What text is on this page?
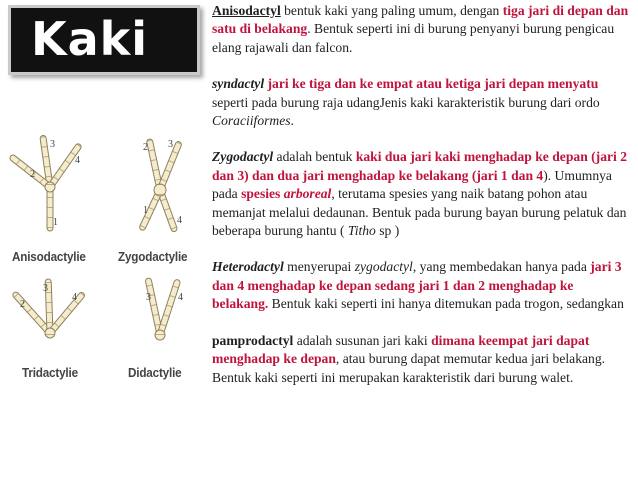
Kaki
2
3
4
1
2 3
1
4
2
3
4	3	4
Anisodactylie Zygodactylie
Tridactylie	Didactylie

Anisodactyl bentuk kaki yang paling umum, dengan tiga jari di depan dan satu di belakang. Bentuk seperti ini di burung penyanyi burung pengicau elang rajawali dan falcon.

syndactyl jari ke tiga dan ke empat atau ketiga jari depan menyatu seperti pada burung raja udangJenis kaki karakteristik burung dari ordo Coraciiformes.

Zygodactyl adalah bentuk kaki dua jari kaki menghadap ke depan (jari 2 dan 3) dan dua jari menghadap ke belakang (jari 1 dan 4). Umumnya pada spesies arboreal, terutama spesies yang naik batang pohon atau memanjat melalui dedaunan. Bentuk pada burung bayan burung pelatuk dan beberapa burung hantu ( Titho sp )

Heterodactyl menyerupai zygodactyl, yang membedakan hanya pada jari 3 dan 4 menghadap ke depan sedang jari 1 dan 2 menghadap ke belakang. Bentuk kaki seperti ini hanya ditemukan pada trogon, sedangkan

pamprodactyl adalah susunan jari kaki dimana keempat jari dapat menghadap ke depan, atau burung dapat memutar kedua jari belakang. Bentuk kaki seperti ini merupakan karakteristik dari burung walet.
